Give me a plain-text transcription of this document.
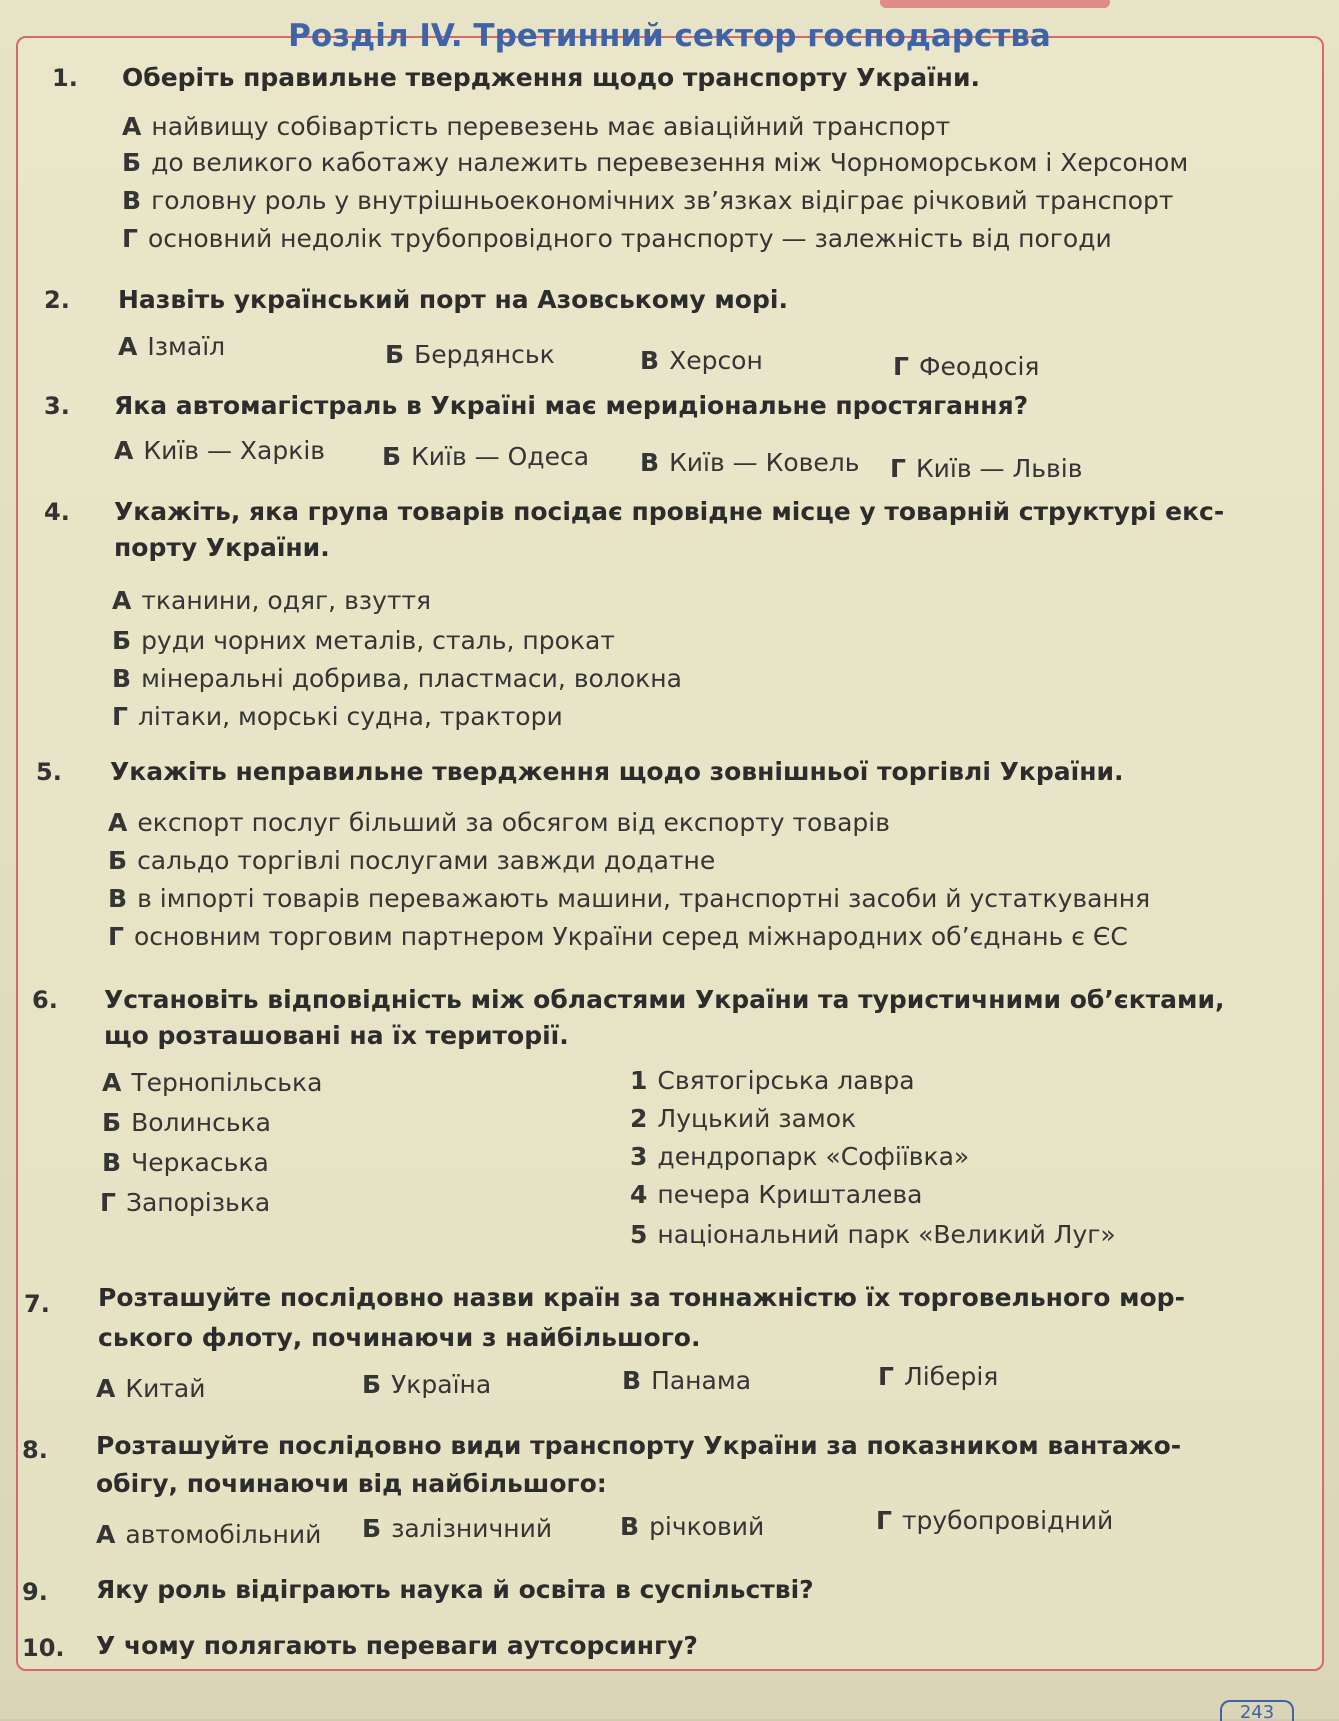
Розділ IV. Третинний сектор господарства
1. Оберіть правильне твердження щодо транспорту України.
А найвищу собівартість перевезень має авіаційний транспорт
Б до великого каботажу належить перевезення між Чорноморськом і Херсоном
В головну роль у внутрішньоекономічних зв’язках відіграє річковий транспорт
Г основний недолік трубопровідного транспорту — залежність від погоди
2. Назвіть український порт на Азовському морі.
А Ізмаїл	Б Бердянськ	В Херсон	Г Феодосія
3. Яка автомагістраль в Україні має меридіональне простягання?
А Київ — Харків Б Київ — Одеса В Київ — Ковель Г Київ — Львів
4. Укажіть, яка група товарів посідає провідне місце у товарній структурі екс-
порту України.
А тканини, одяг, взуття
Б руди чорних металів, сталь, прокат
В мінеральні добрива, пластмаси, волокна
Г літаки, морські судна, трактори
5. Укажіть неправильне твердження щодо зовнішньої торгівлі України.
А експорт послуг більший за обсягом від експорту товарів
Б сальдо торгівлі послугами завжди додатне
В в імпорті товарів переважають машини, транспортні засоби й устаткування
Г основним торговим партнером України серед міжнародних об’єднань є ЄС
6. Установіть відповідність між областями України та туристичними об’єктами,
що розташовані на їх території.
А Тернопільська
Б Волинська
В Черкаська
Г Запорізька
1 Святогірська лавра
2 Луцький замок
3 дендропарк «Софіївка»
4 печера Кришталева
5 національний парк «Великий Луг»
7. Розташуйте послідовно назви країн за тоннажністю їх торговельного мор-
ського флоту, починаючи з найбільшого.
А Китай	Б Україна	В Панама	Г Ліберія
8. Розташуйте послідовно види транспорту України за показником вантажо-
обігу, починаючи від найбільшого:
А автомобільний Б залізничний	В річковий	Г трубопровідний
9. Яку роль відіграють наука й освіта в суспільстві?
10. У чому полягають переваги аутсорсингу?
243
